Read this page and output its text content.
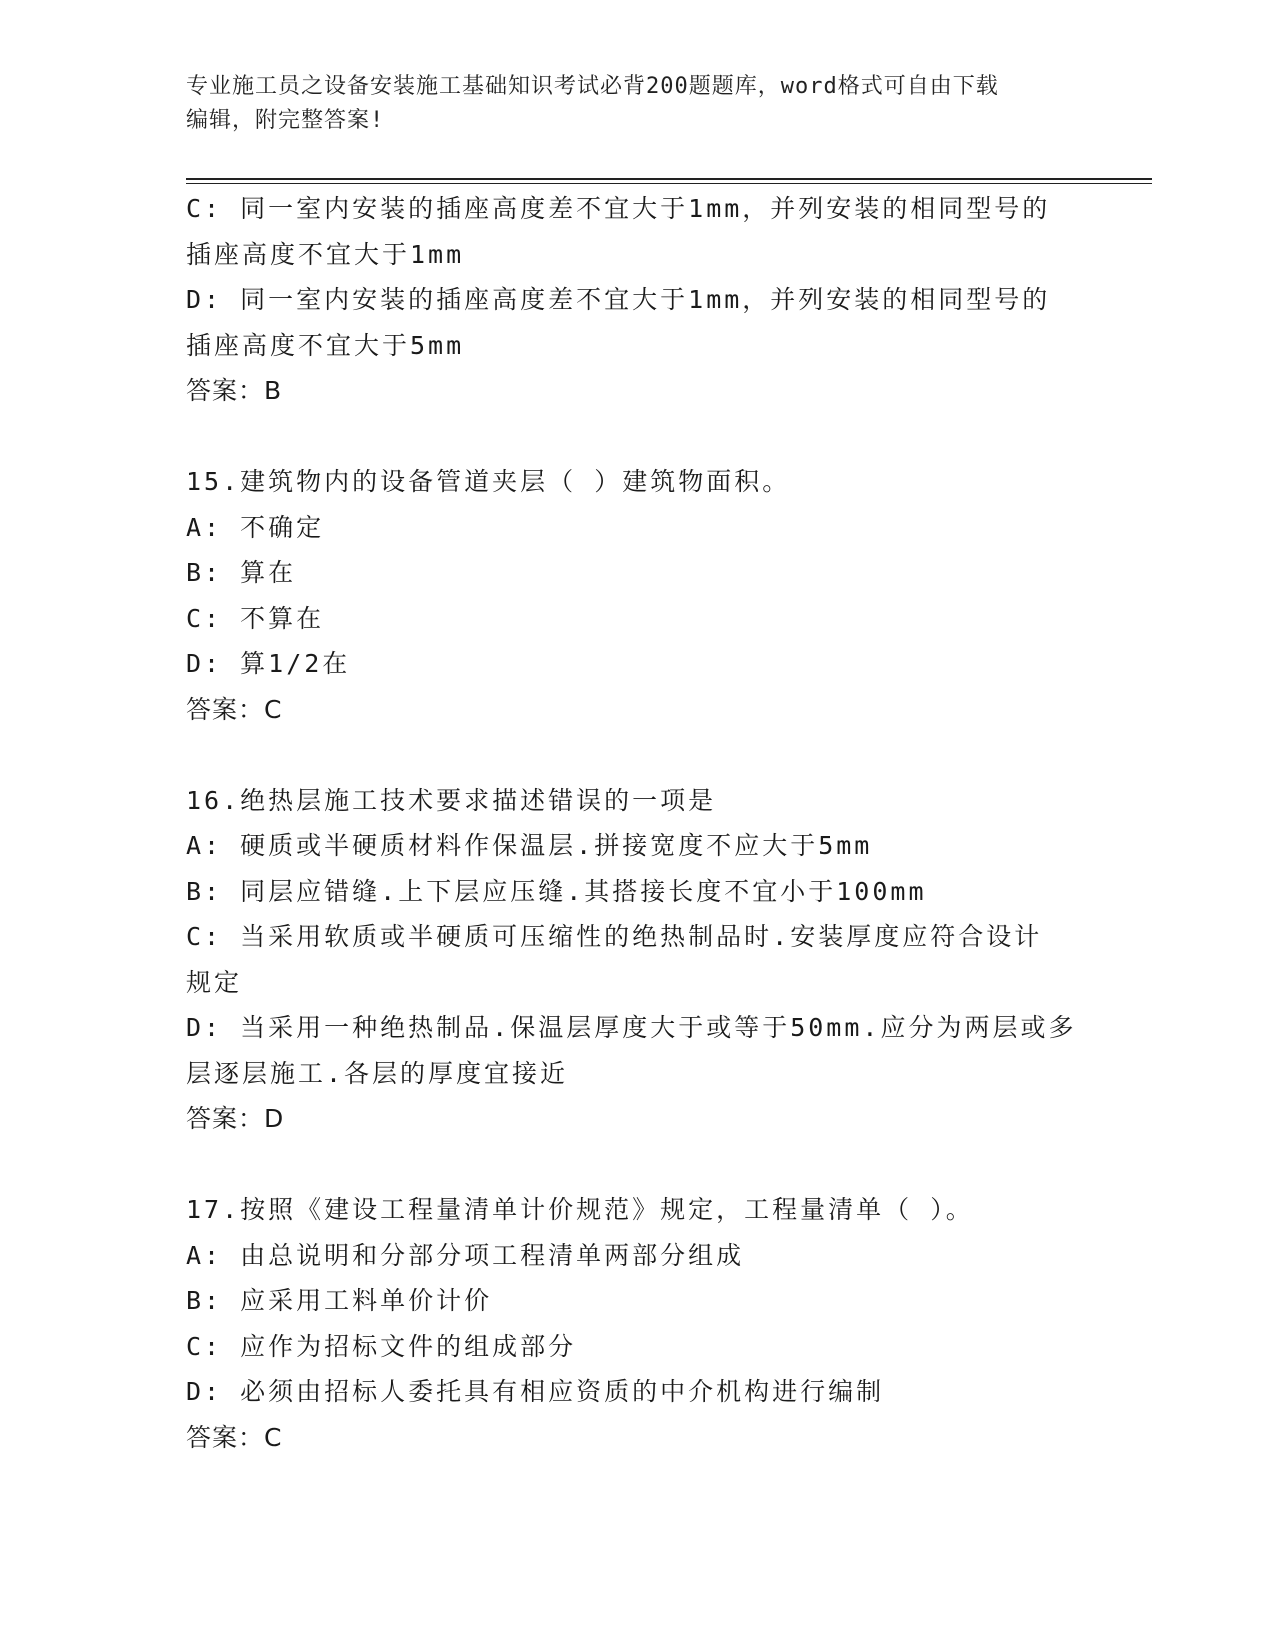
专业施工员之设备安装施工基础知识考试必背200题题库，word格式可自由下载
编辑，附完整答案!
C: 同一室内安装的插座高度差不宜大于1mm，并列安装的相同型号的
插座高度不宜大于1mm
D: 同一室内安装的插座高度差不宜大于1mm，并列安装的相同型号的
插座高度不宜大于5mm
答案：B
15.建筑物内的设备管道夹层（ ）建筑物面积。
A: 不确定
B: 算在
C: 不算在
D: 算1/2在
答案：C
16.绝热层施工技术要求描述错误的一项是
A: 硬质或半硬质材料作保温层.拼接宽度不应大于5mm
B: 同层应错缝.上下层应压缝.其搭接长度不宜小于100mm
C: 当采用软质或半硬质可压缩性的绝热制品时.安装厚度应符合设计
规定
D: 当采用一种绝热制品.保温层厚度大于或等于50mm.应分为两层或多
层逐层施工.各层的厚度宜接近
答案：D
17.按照《建设工程量清单计价规范》规定，工程量清单（ ）。
A: 由总说明和分部分项工程清单两部分组成
B: 应采用工料单价计价
C: 应作为招标文件的组成部分
D: 必须由招标人委托具有相应资质的中介机构进行编制
答案：C
